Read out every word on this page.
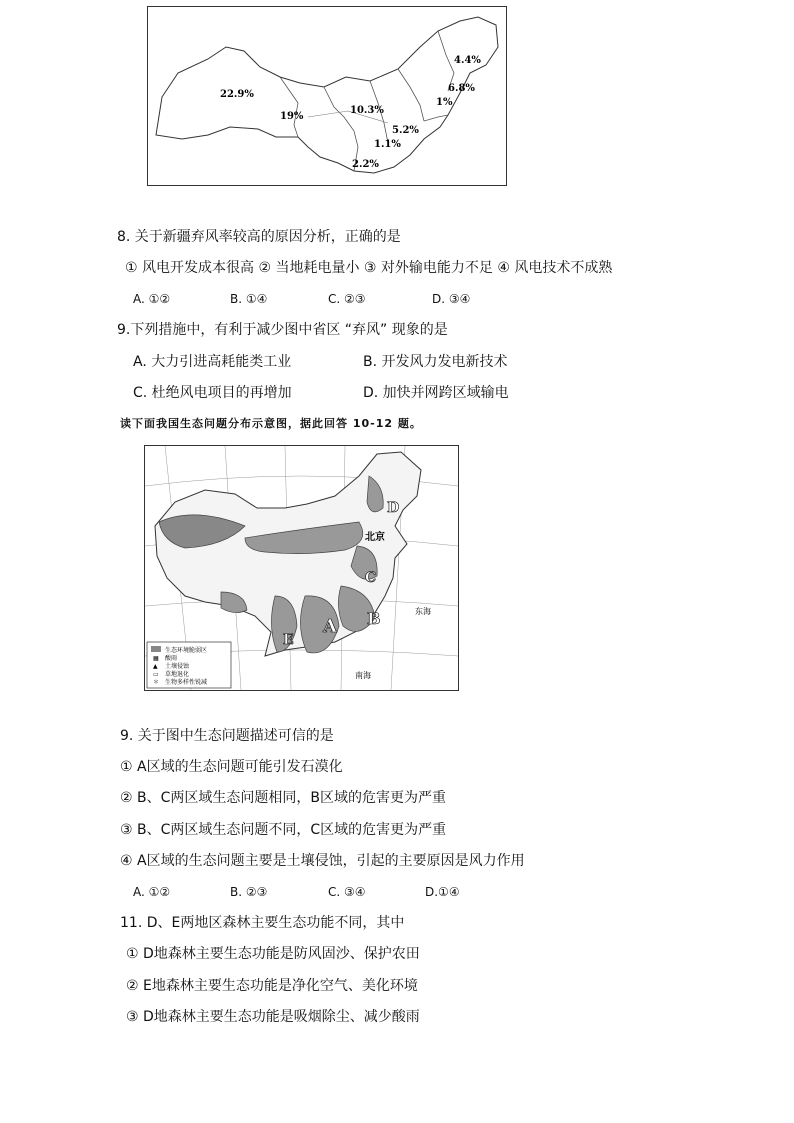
22.9%
19%
10.3%
4.4%
6.8%
1%
5.2%
1.1%
2.2%
8. 关于新疆弃风率较高的原因分析，正确的是
① 风电开发成本很高 ② 当地耗电量小 ③ 对外输电能力不足 ④ 风电技术不成熟
A. ①②	B. ①④	C. ②③	D. ③④
9.下列措施中，有利于减少图中省区 “弃风” 现象的是
A. 大力引进高耗能类工业	B. 开发风力发电新技术
C. 杜绝风电项目的再增加	D. 加快并网跨区域输电
读下面我国生态问题分布示意图，据此回答 10-12 题。
A B
C
D
E
北京
东海
南海
生态环境脆弱区
▦ 酸雨
▲ 土壤侵蚀
▭ 草地退化
＊ 生物多样性锐减
9. 关于图中生态问题描述可信的是
① A区域的生态问题可能引发石漠化
② B、C两区域生态问题相同，B区域的危害更为严重
③ B、C两区域生态问题不同，C区域的危害更为严重
④ A区域的生态问题主要是土壤侵蚀，引起的主要原因是风力作用
A. ①②	B. ②③	C. ③④	D.①④
11. D、E两地区森林主要生态功能不同，其中
① D地森林主要生态功能是防风固沙、保护农田
② E地森林主要生态功能是净化空气、美化环境
③ D地森林主要生态功能是吸烟除尘、减少酸雨
